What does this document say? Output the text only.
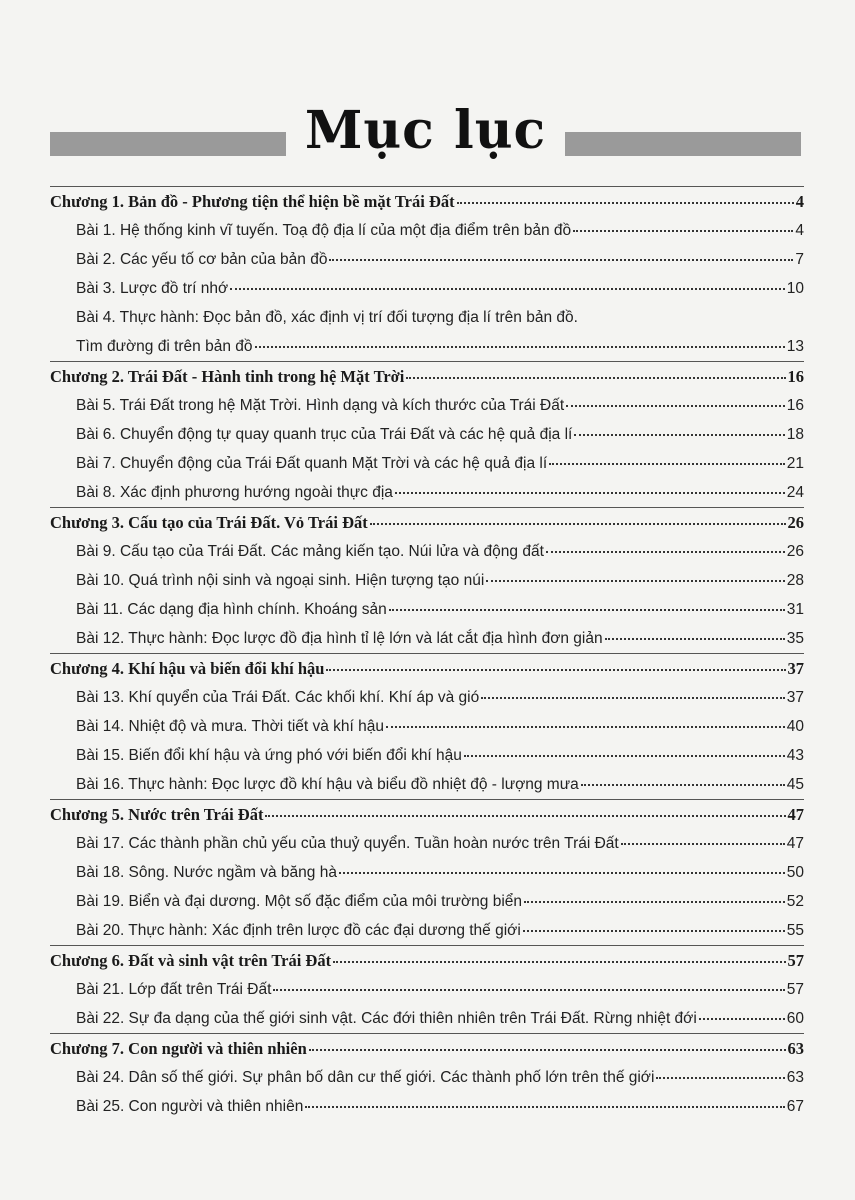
Mục lục
Chương 1. Bản đồ - Phương tiện thể hiện bề mặt Trái Đất	4
Bài 1. Hệ thống kinh vĩ tuyến. Toạ độ địa lí của một địa điểm trên bản đồ	4
Bài 2. Các yếu tố cơ bản của bản đồ	7
Bài 3. Lược đồ trí nhớ	10
Bài 4. Thực hành: Đọc bản đồ, xác định vị trí đối tượng địa lí trên bản đồ.
Tìm đường đi trên bản đồ	13
Chương 2. Trái Đất - Hành tinh trong hệ Mặt Trời	16
Bài 5. Trái Đất trong hệ Mặt Trời. Hình dạng và kích thước của Trái Đất	16
Bài 6. Chuyển động tự quay quanh trục của Trái Đất và các hệ quả địa lí	18
Bài 7. Chuyển động của Trái Đất quanh Mặt Trời và các hệ quả địa lí	21
Bài 8. Xác định phương hướng ngoài thực địa	24
Chương 3. Cấu tạo của Trái Đất. Vỏ Trái Đất	26
Bài 9. Cấu tạo của Trái Đất. Các mảng kiến tạo. Núi lửa và động đất	26
Bài 10. Quá trình nội sinh và ngoại sinh. Hiện tượng tạo núi	28
Bài 11. Các dạng địa hình chính. Khoáng sản	31
Bài 12. Thực hành: Đọc lược đồ địa hình tỉ lệ lớn và lát cắt địa hình đơn giản	35
Chương 4. Khí hậu và biến đổi khí hậu	37
Bài 13. Khí quyển của Trái Đất. Các khối khí. Khí áp và gió	37
Bài 14. Nhiệt độ và mưa. Thời tiết và khí hậu	40
Bài 15. Biến đổi khí hậu và ứng phó với biến đổi khí hậu	43
Bài 16. Thực hành: Đọc lược đồ khí hậu và biểu đồ nhiệt độ - lượng mưa	45
Chương 5. Nước trên Trái Đất	47
Bài 17. Các thành phần chủ yếu của thuỷ quyển. Tuần hoàn nước trên Trái Đất	47
Bài 18. Sông. Nước ngầm và băng hà	50
Bài 19. Biển và đại dương. Một số đặc điểm của môi trường biển	52
Bài 20. Thực hành: Xác định trên lược đồ các đại dương thế giới	55
Chương 6. Đất và sinh vật trên Trái Đất	57
Bài 21. Lớp đất trên Trái Đất	57
Bài 22. Sự đa dạng của thế giới sinh vật. Các đới thiên nhiên trên Trái Đất. Rừng nhiệt đới	60
Chương 7. Con người và thiên nhiên	63
Bài 24. Dân số thế giới. Sự phân bố dân cư thế giới. Các thành phố lớn trên thế giới	63
Bài 25. Con người và thiên nhiên	67
